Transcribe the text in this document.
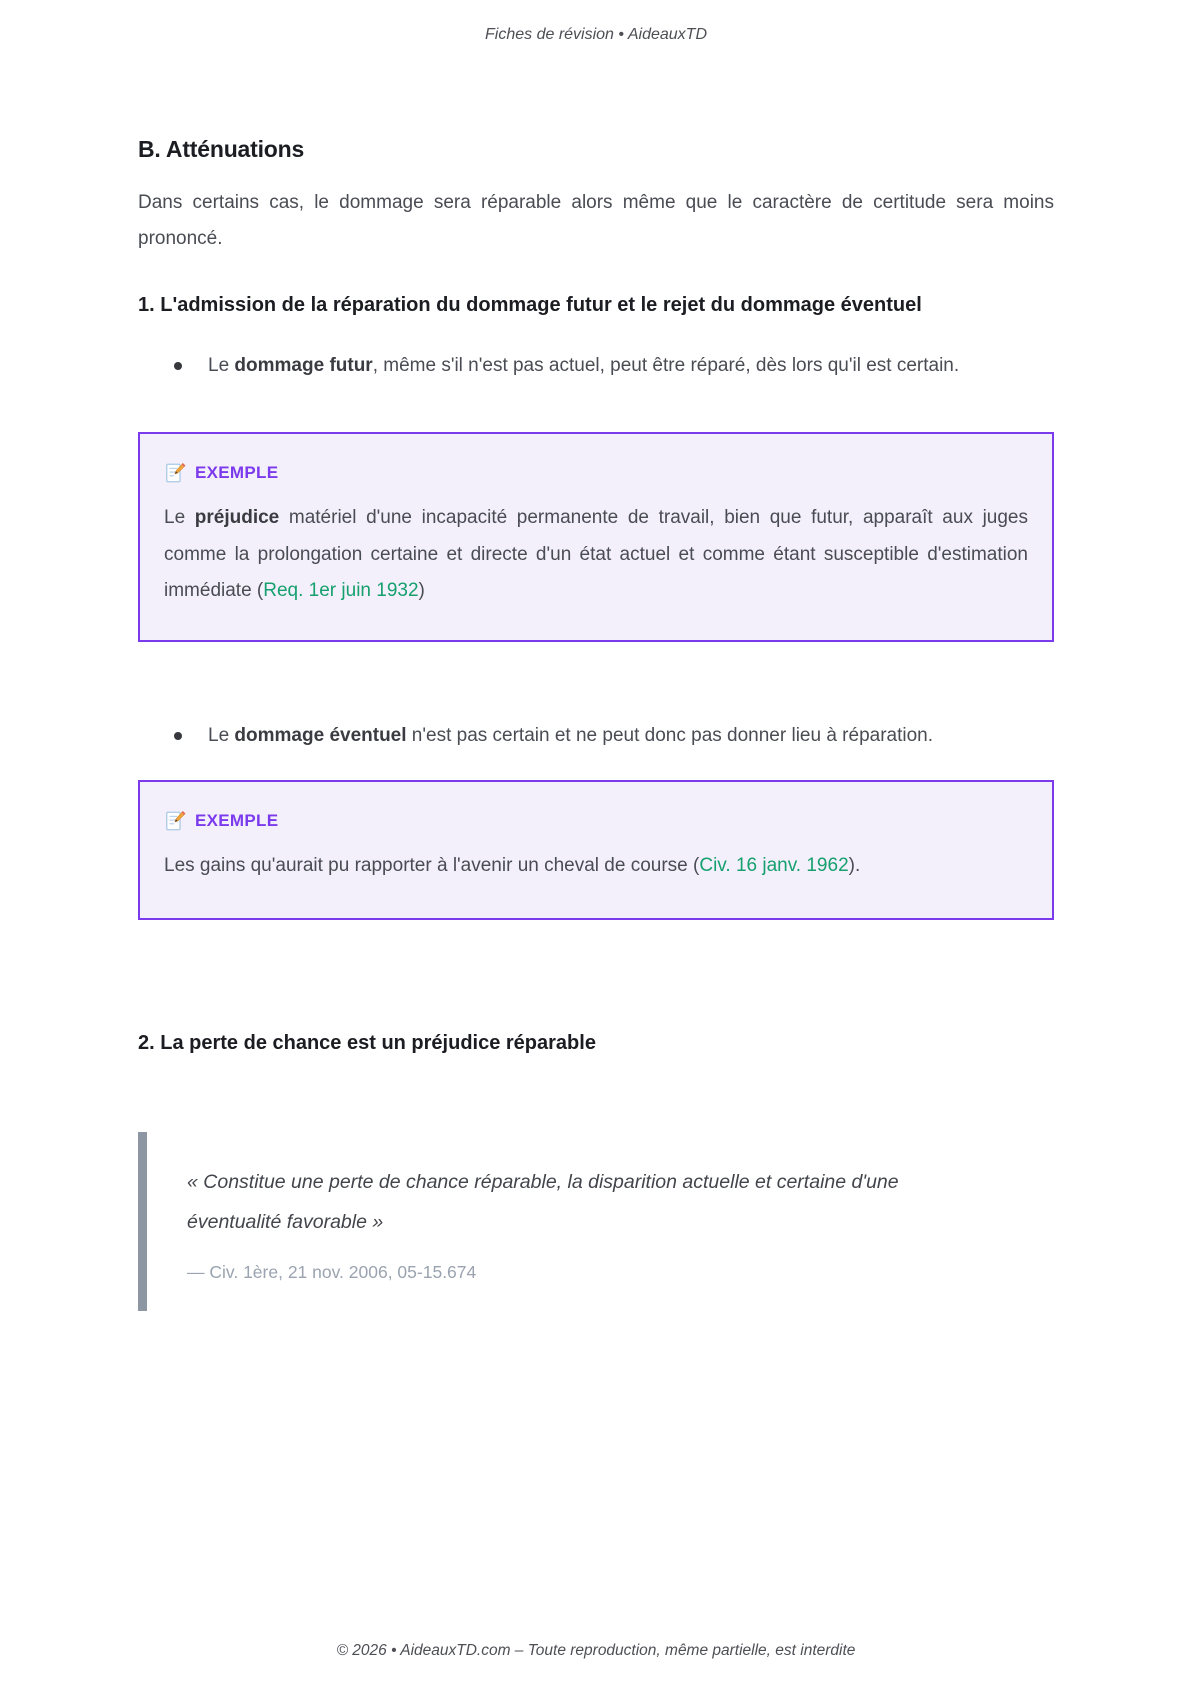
Fiches de révision • AideauxTD
B. Atténuations

Dans certains cas, le dommage sera réparable alors même que le caractère de certitude sera moins prononcé.

1. L'admission de la réparation du dommage futur et le rejet du dommage éventuel
Le dommage futur, même s'il n'est pas actuel, peut être réparé, dès lors qu'il est certain.
EXEMPLE

Le préjudice matériel d'une incapacité permanente de travail, bien que futur, apparaît aux juges comme la prolongation certaine et directe d'un état actuel et comme étant susceptible d'estimation immédiate (Req. 1er juin 1932)

Le dommage éventuel n'est pas certain et ne peut donc pas donner lieu à réparation.
EXEMPLE

Les gains qu'aurait pu rapporter à l'avenir un cheval de course (Civ. 16 janv. 1962).

2. La perte de chance est un préjudice réparable

« Constitue une perte de chance réparable, la disparition actuelle et certaine d'une éventualité favorable »

— Civ. 1ère, 21 nov. 2006, 05-15.674

© 2026 • AideauxTD.com – Toute reproduction, même partielle, est interdite
